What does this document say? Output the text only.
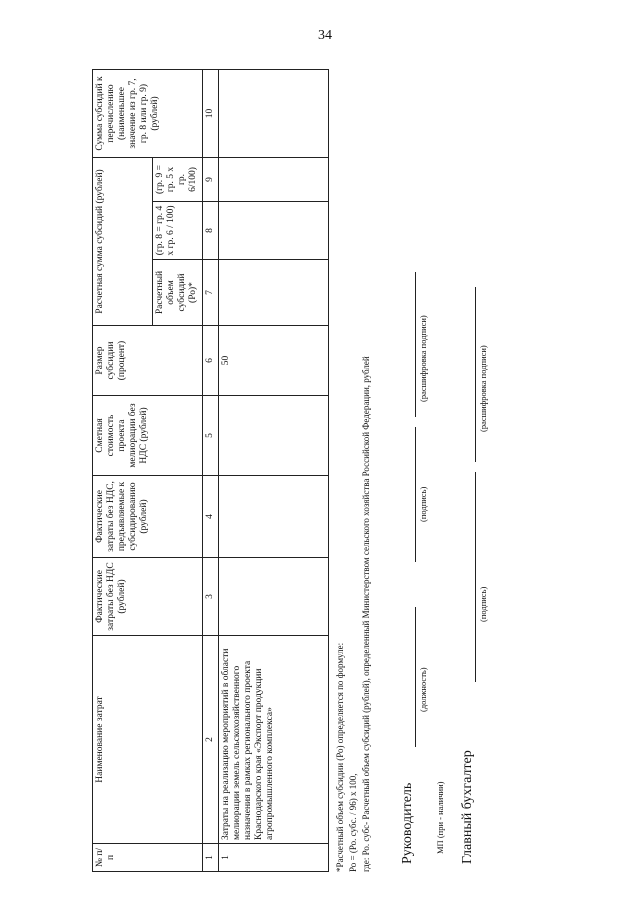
34
№ п/п	Наименование затрат	Фактические затраты без НДС (рублей)	Фактические затраты без НДС, предъявляемые к субсидированию (рублей)	Сметная стоимость проекта мелиорации без НДС (рублей)	Размер субсидии (процент)	Расчетная сумма субсидий (рублей)			Сумма субсидий к перечислению (наименьшее значение из гр. 7, гр. 8 или гр. 9) (рублей)
						Расчетный объем субсидий (Ро)*	(гр. 8 = гр. 4 x гр. 6 / 100)	(гр. 9 = гр. 5 x гр. 6/100)	
1	2	3	4	5	6	7	8	9	10
1	Затраты на реализацию мероприятий в области мелиорации земель сельскохозяйственного назначения в рамках регионального проекта Краснодарского края «Экспорт продукции агропромышленного комплекса»				50				
*Расчетный объем субсидии (Ро) определяется по формуле: Ро = (Ро. субс. / 96) x 100, где: Ро. субс- Расчетный объем субсидий (рублей), определенный Министерством сельского хозяйства Российской Федерации, рублей Руководитель
(должность)
(подпись)
(расшифровка подписи)
МП (при - наличии) Главный бухгалтер
(подпись)
(расшифровка подписи)
